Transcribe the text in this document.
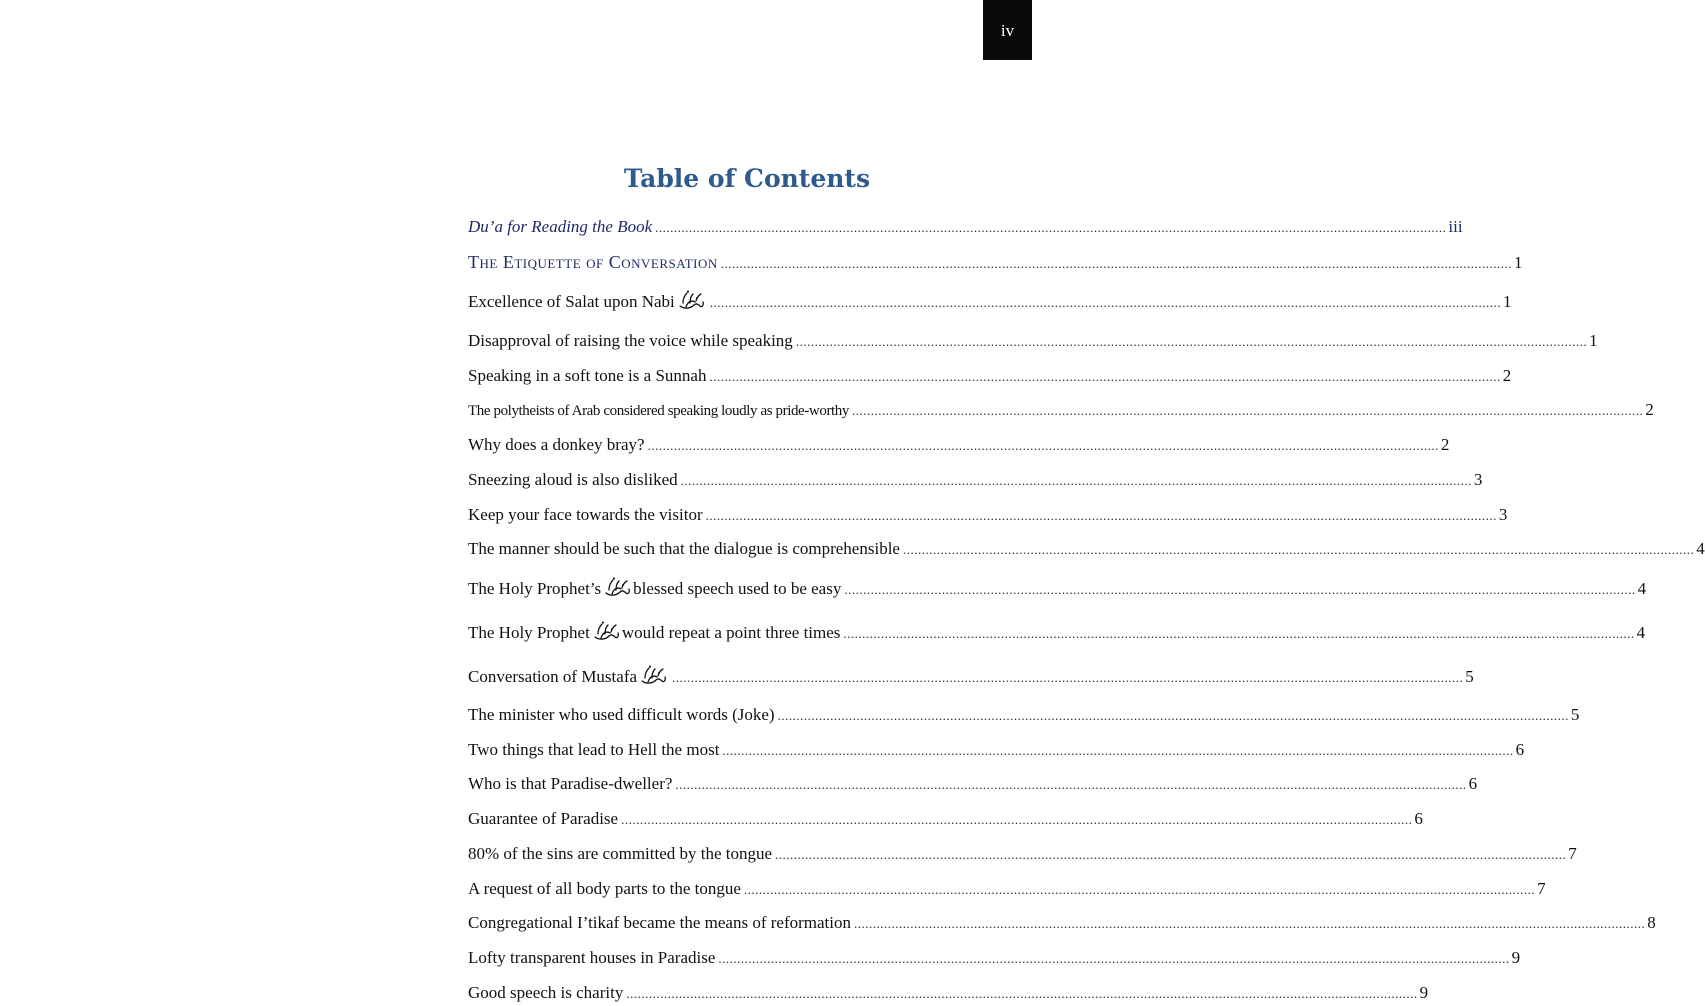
iv
Table of Contents
Du’a for Reading the Book .....	iii
The Etiquette of Conversation .....	1
Excellence of Salat upon Nabi .....	1
Disapproval of raising the voice while speaking .....	1
Speaking in a soft tone is a Sunnah .....	2
The polytheists of Arab considered speaking loudly as pride-worthy .....	2
Why does a donkey bray? .....	2
Sneezing aloud is also disliked .....	3
Keep your face towards the visitor .....	3
The manner should be such that the dialogue is comprehensible .....	4
The Holy Prophet’s blessed speech used to be easy .....	4
The Holy Prophet would repeat a point three times .....	4
Conversation of Mustafa .....	5
The minister who used difficult words (Joke) .....	5
Two things that lead to Hell the most .....	6
Who is that Paradise-dweller? .....	6
Guarantee of Paradise .....	6
80% of the sins are committed by the tongue .....	7
A request of all body parts to the tongue .....	7
Congregational I’tikaf became the means of reformation .....	8
Lofty transparent houses in Paradise .....	9
Good speech is charity .....	9
